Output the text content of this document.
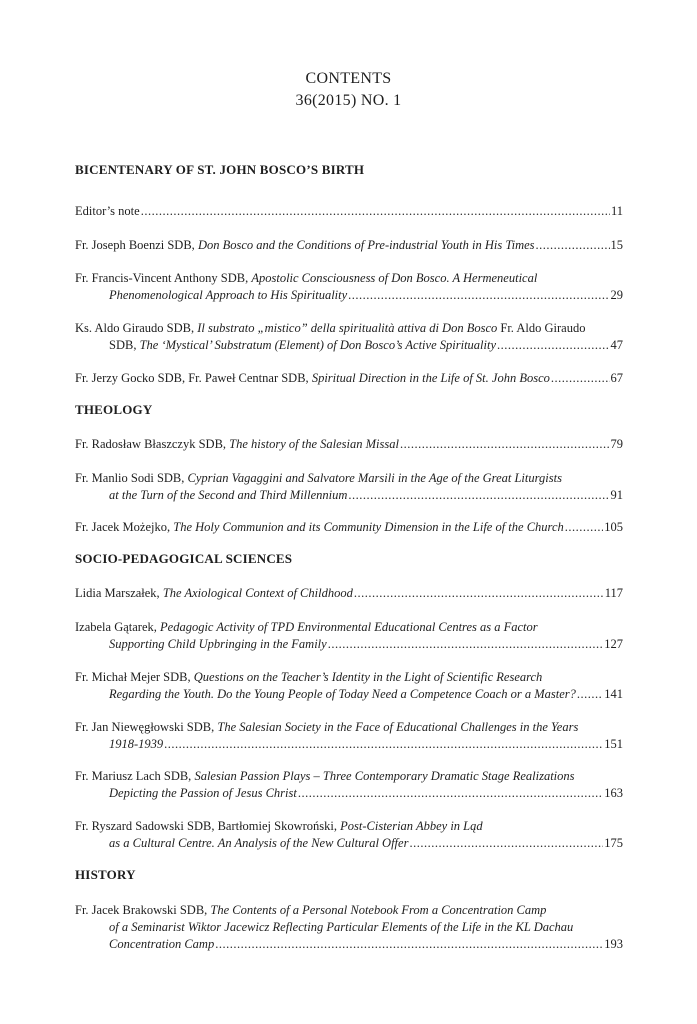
CONTENTS
36(2015) NO. 1
BICENTENARY OF ST. JOHN BOSCO’S BIRTH
Editor’s note .....	11
Fr. Joseph Boenzi SDB, Don Bosco and the Conditions of Pre-industrial Youth in His Times .....	15
Fr. Francis-Vincent Anthony SDB, Apostolic Consciousness of Don Bosco. A Hermeneutical
Phenomenological Approach to His Spirituality .....	29
Ks. Aldo Giraudo SDB, Il substrato „mistico” della spiritualità attiva di Don Bosco Fr. Aldo Giraudo
SDB, The ‘Mystical’ Substratum (Element) of Don Bosco’s Active Spirituality .....	47
Fr. Jerzy Gocko SDB, Fr. Paweł Centnar SDB, Spiritual Direction in the Life of St. John Bosco .....	67
THEOLOGY
Fr. Radosław Błaszczyk SDB, The history of the Salesian Missal .....	79
Fr. Manlio Sodi SDB, Cyprian Vagaggini and Salvatore Marsili in the Age of the Great Liturgists
at the Turn of the Second and Third Millennium .....	91
Fr. Jacek Możejko, The Holy Communion and its Community Dimension in the Life of the Church .....	105
SOCIO-PEDAGOGICAL SCIENCES
Lidia Marszałek, The Axiological Context of Childhood .....	117
Izabela Gątarek, Pedagogic Activity of TPD Environmental Educational Centres as a Factor
Supporting Child Upbringing in the Family .....	127
Fr. Michał Mejer SDB, Questions on the Teacher’s Identity in the Light of Scientific Research
Regarding the Youth. Do the Young People of Today Need a Competence Coach or a Master? ..... 141
Fr. Jan Niewęgłowski SDB, The Salesian Society in the Face of Educational Challenges in the Years
1918-1939 .....	151
Fr. Mariusz Lach SDB, Salesian Passion Plays – Three Contemporary Dramatic Stage Realizations
Depicting the Passion of Jesus Christ .....	163
Fr. Ryszard Sadowski SDB, Bartłomiej Skowroński, Post-Cisterian Abbey in Ląd
as a Cultural Centre. An Analysis of the New Cultural Offer .....	175
HISTORY
Fr. Jacek Brakowski SDB, The Contents of a Personal Notebook From a Concentration Camp
of a Seminarist Wiktor Jacewicz Reflecting Particular Elements of the Life in the KL Dachau
Concentration Camp .....	193
